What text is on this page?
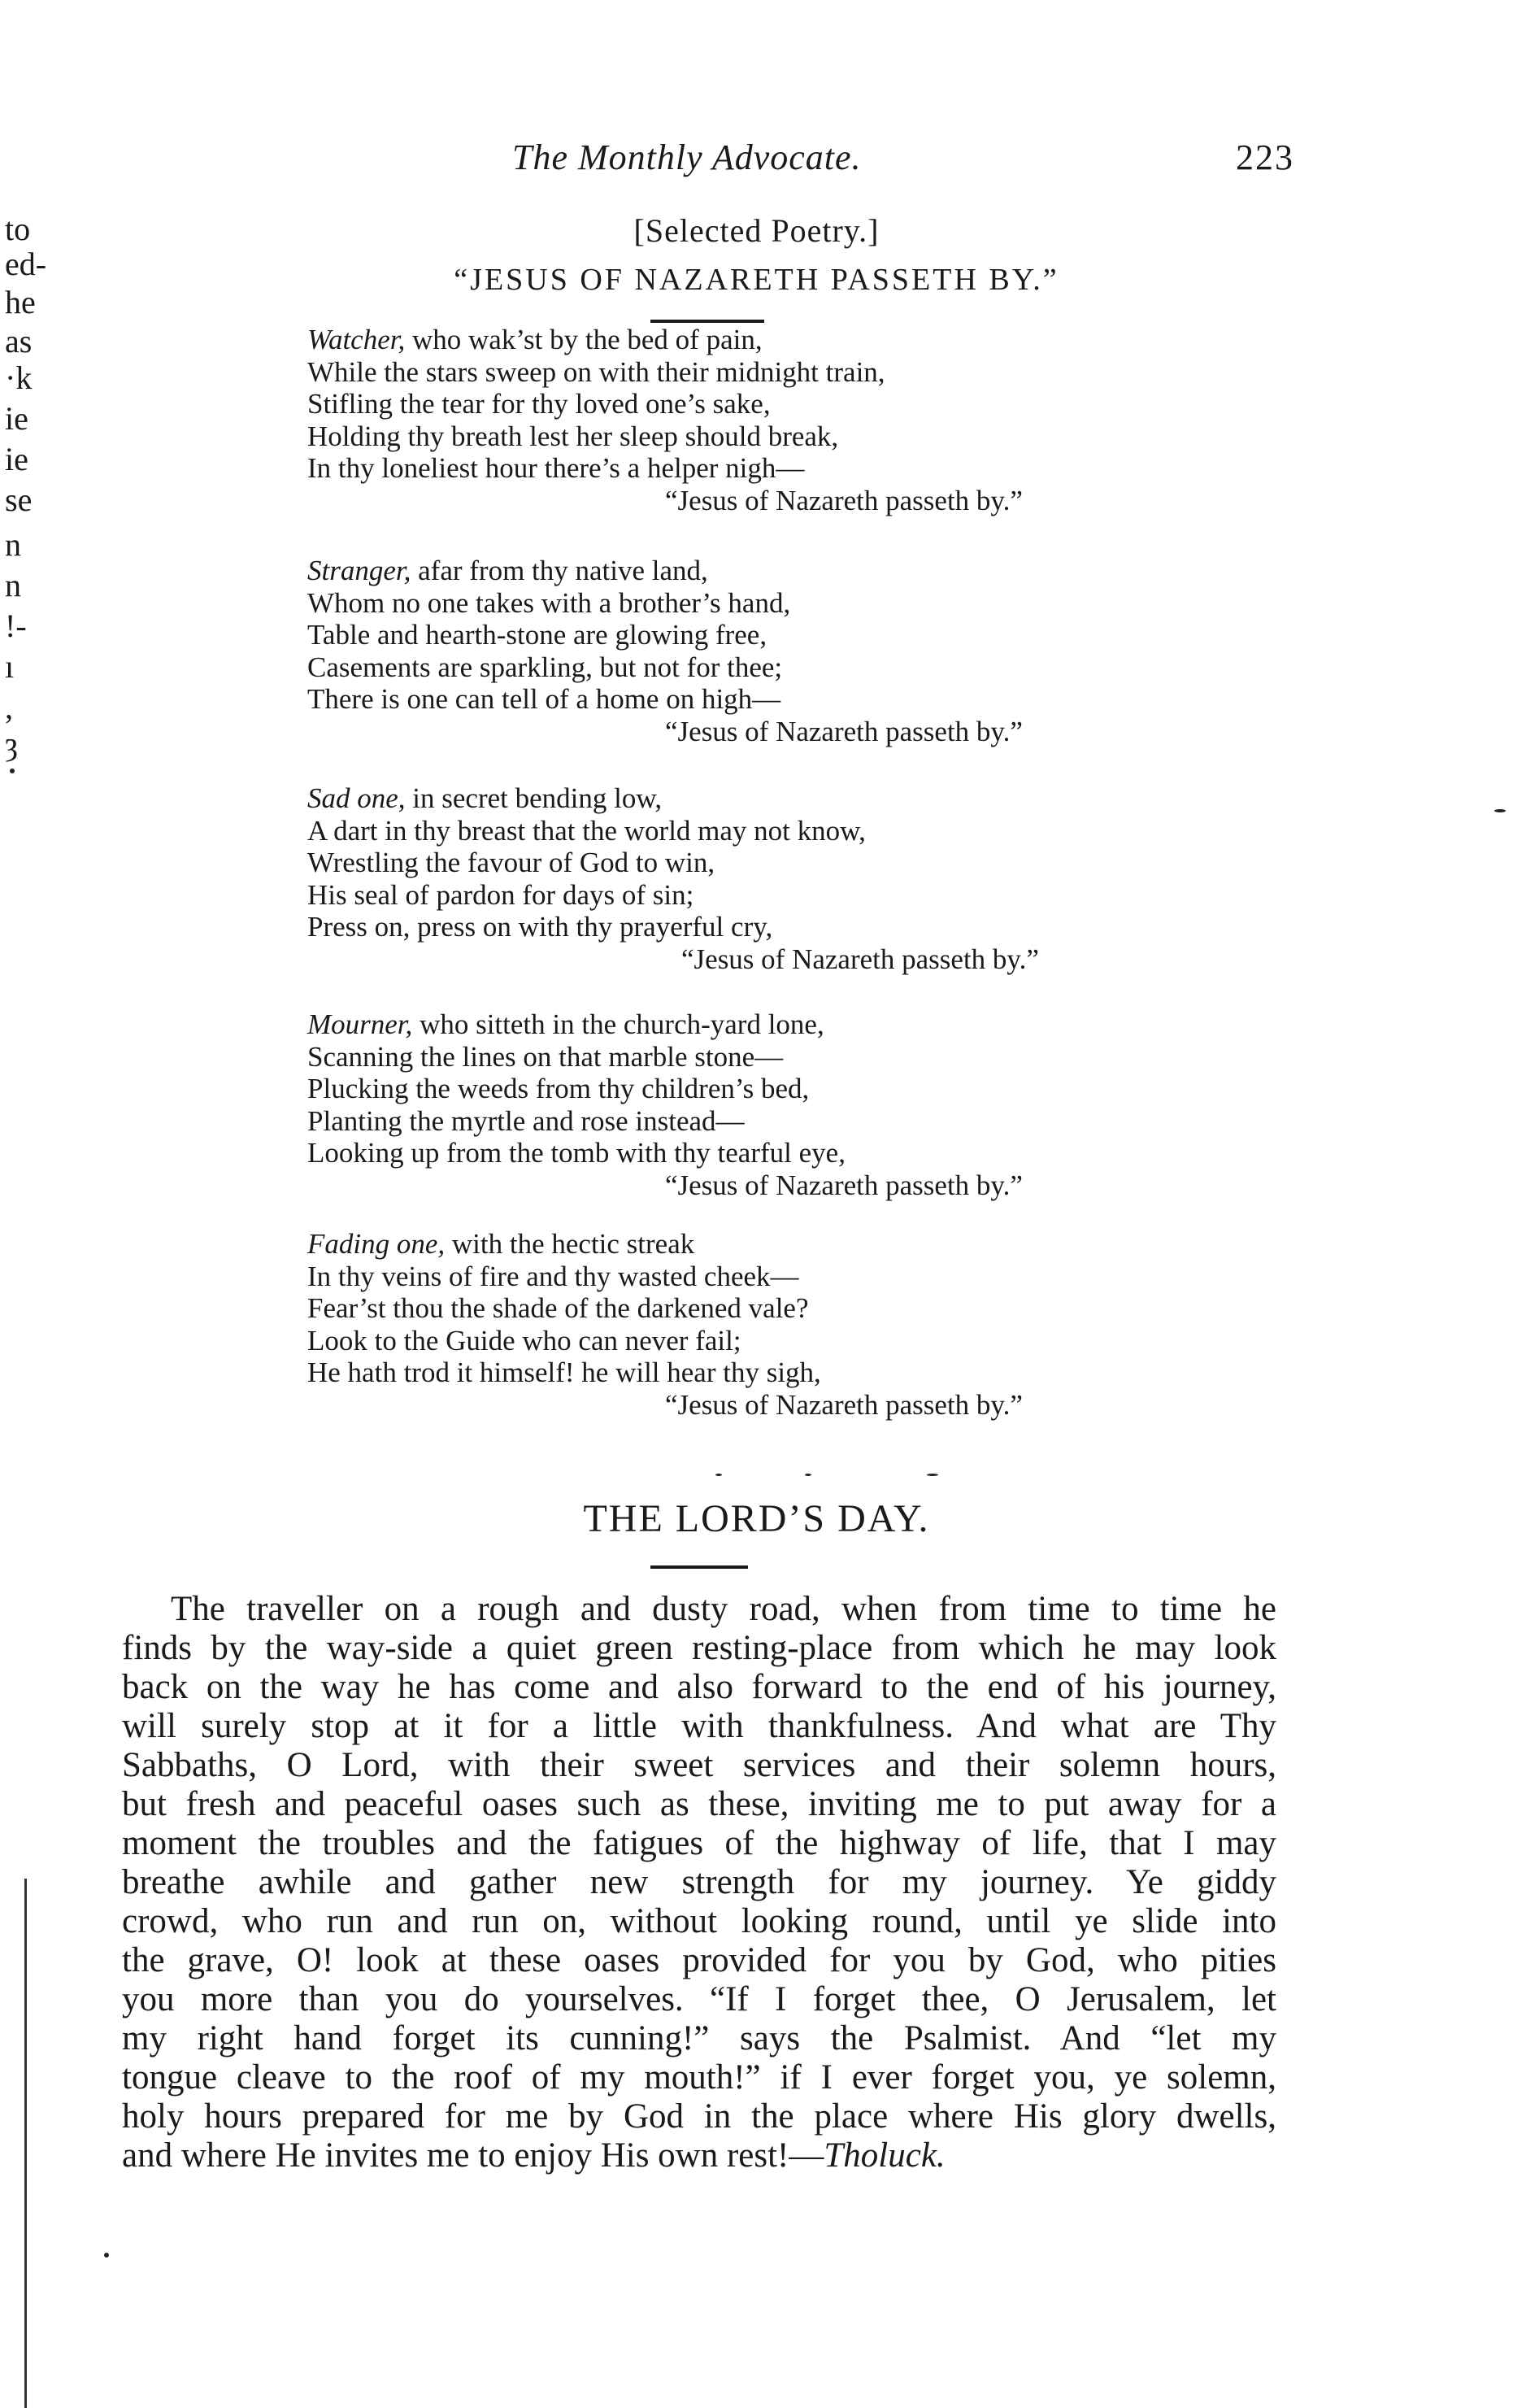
The Monthly Advocate.	223
to
ed-
he
as
·k
ie
ie
se
n
n
!-
ı
,
ȝ
[Selected Poetry.]
“JESUS OF NAZARETH PASSETH BY.”
Watcher, who wak’st by the bed of pain,
While the stars sweep on with their midnight train,
Stifling the tear for thy loved one’s sake,
Holding thy breath lest her sleep should break,
In thy loneliest hour there’s a helper nigh—
“Jesus of Nazareth passeth by.”
Stranger, afar from thy native land,
Whom no one takes with a brother’s hand,
Table and hearth-stone are glowing free,
Casements are sparkling, but not for thee;
There is one can tell of a home on high—
“Jesus of Nazareth passeth by.”
Sad one, in secret bending low,
A dart in thy breast that the world may not know,
Wrestling the favour of God to win,
His seal of pardon for days of sin;
Press on, press on with thy prayerful cry,
“Jesus of Nazareth passeth by.”
Mourner, who sitteth in the church-yard lone,
Scanning the lines on that marble stone—
Plucking the weeds from thy children’s bed,
Planting the myrtle and rose instead—
Looking up from the tomb with thy tearful eye,
“Jesus of Nazareth passeth by.”
Fading one, with the hectic streak
In thy veins of fire and thy wasted cheek—
Fear’st thou the shade of the darkened vale?
Look to the Guide who can never fail;
He hath trod it himself! he will hear thy sigh,
“Jesus of Nazareth passeth by.”
THE LORD’S DAY.
The traveller on a rough and dusty road, when from time to time he
finds by the way-side a quiet green resting-place from which he may look
back on the way he has come and also forward to the end of his journey,
will surely stop at it for a little with thankfulness. And what are Thy
Sabbaths, O Lord, with their sweet services and their solemn hours,
but fresh and peaceful oases such as these, inviting me to put away for a
moment the troubles and the fatigues of the highway of life, that I may
breathe awhile and gather new strength for my journey. Ye giddy
crowd, who run and run on, without looking round, until ye slide into
the grave, O! look at these oases provided for you by God, who pities
you more than you do yourselves. “If I forget thee, O Jerusalem, let
my right hand forget its cunning!” says the Psalmist. And “let my
tongue cleave to the roof of my mouth!” if I ever forget you, ye solemn,
holy hours prepared for me by God in the place where His glory dwells,
and where He invites me to enjoy His own rest!—Tholuck.
